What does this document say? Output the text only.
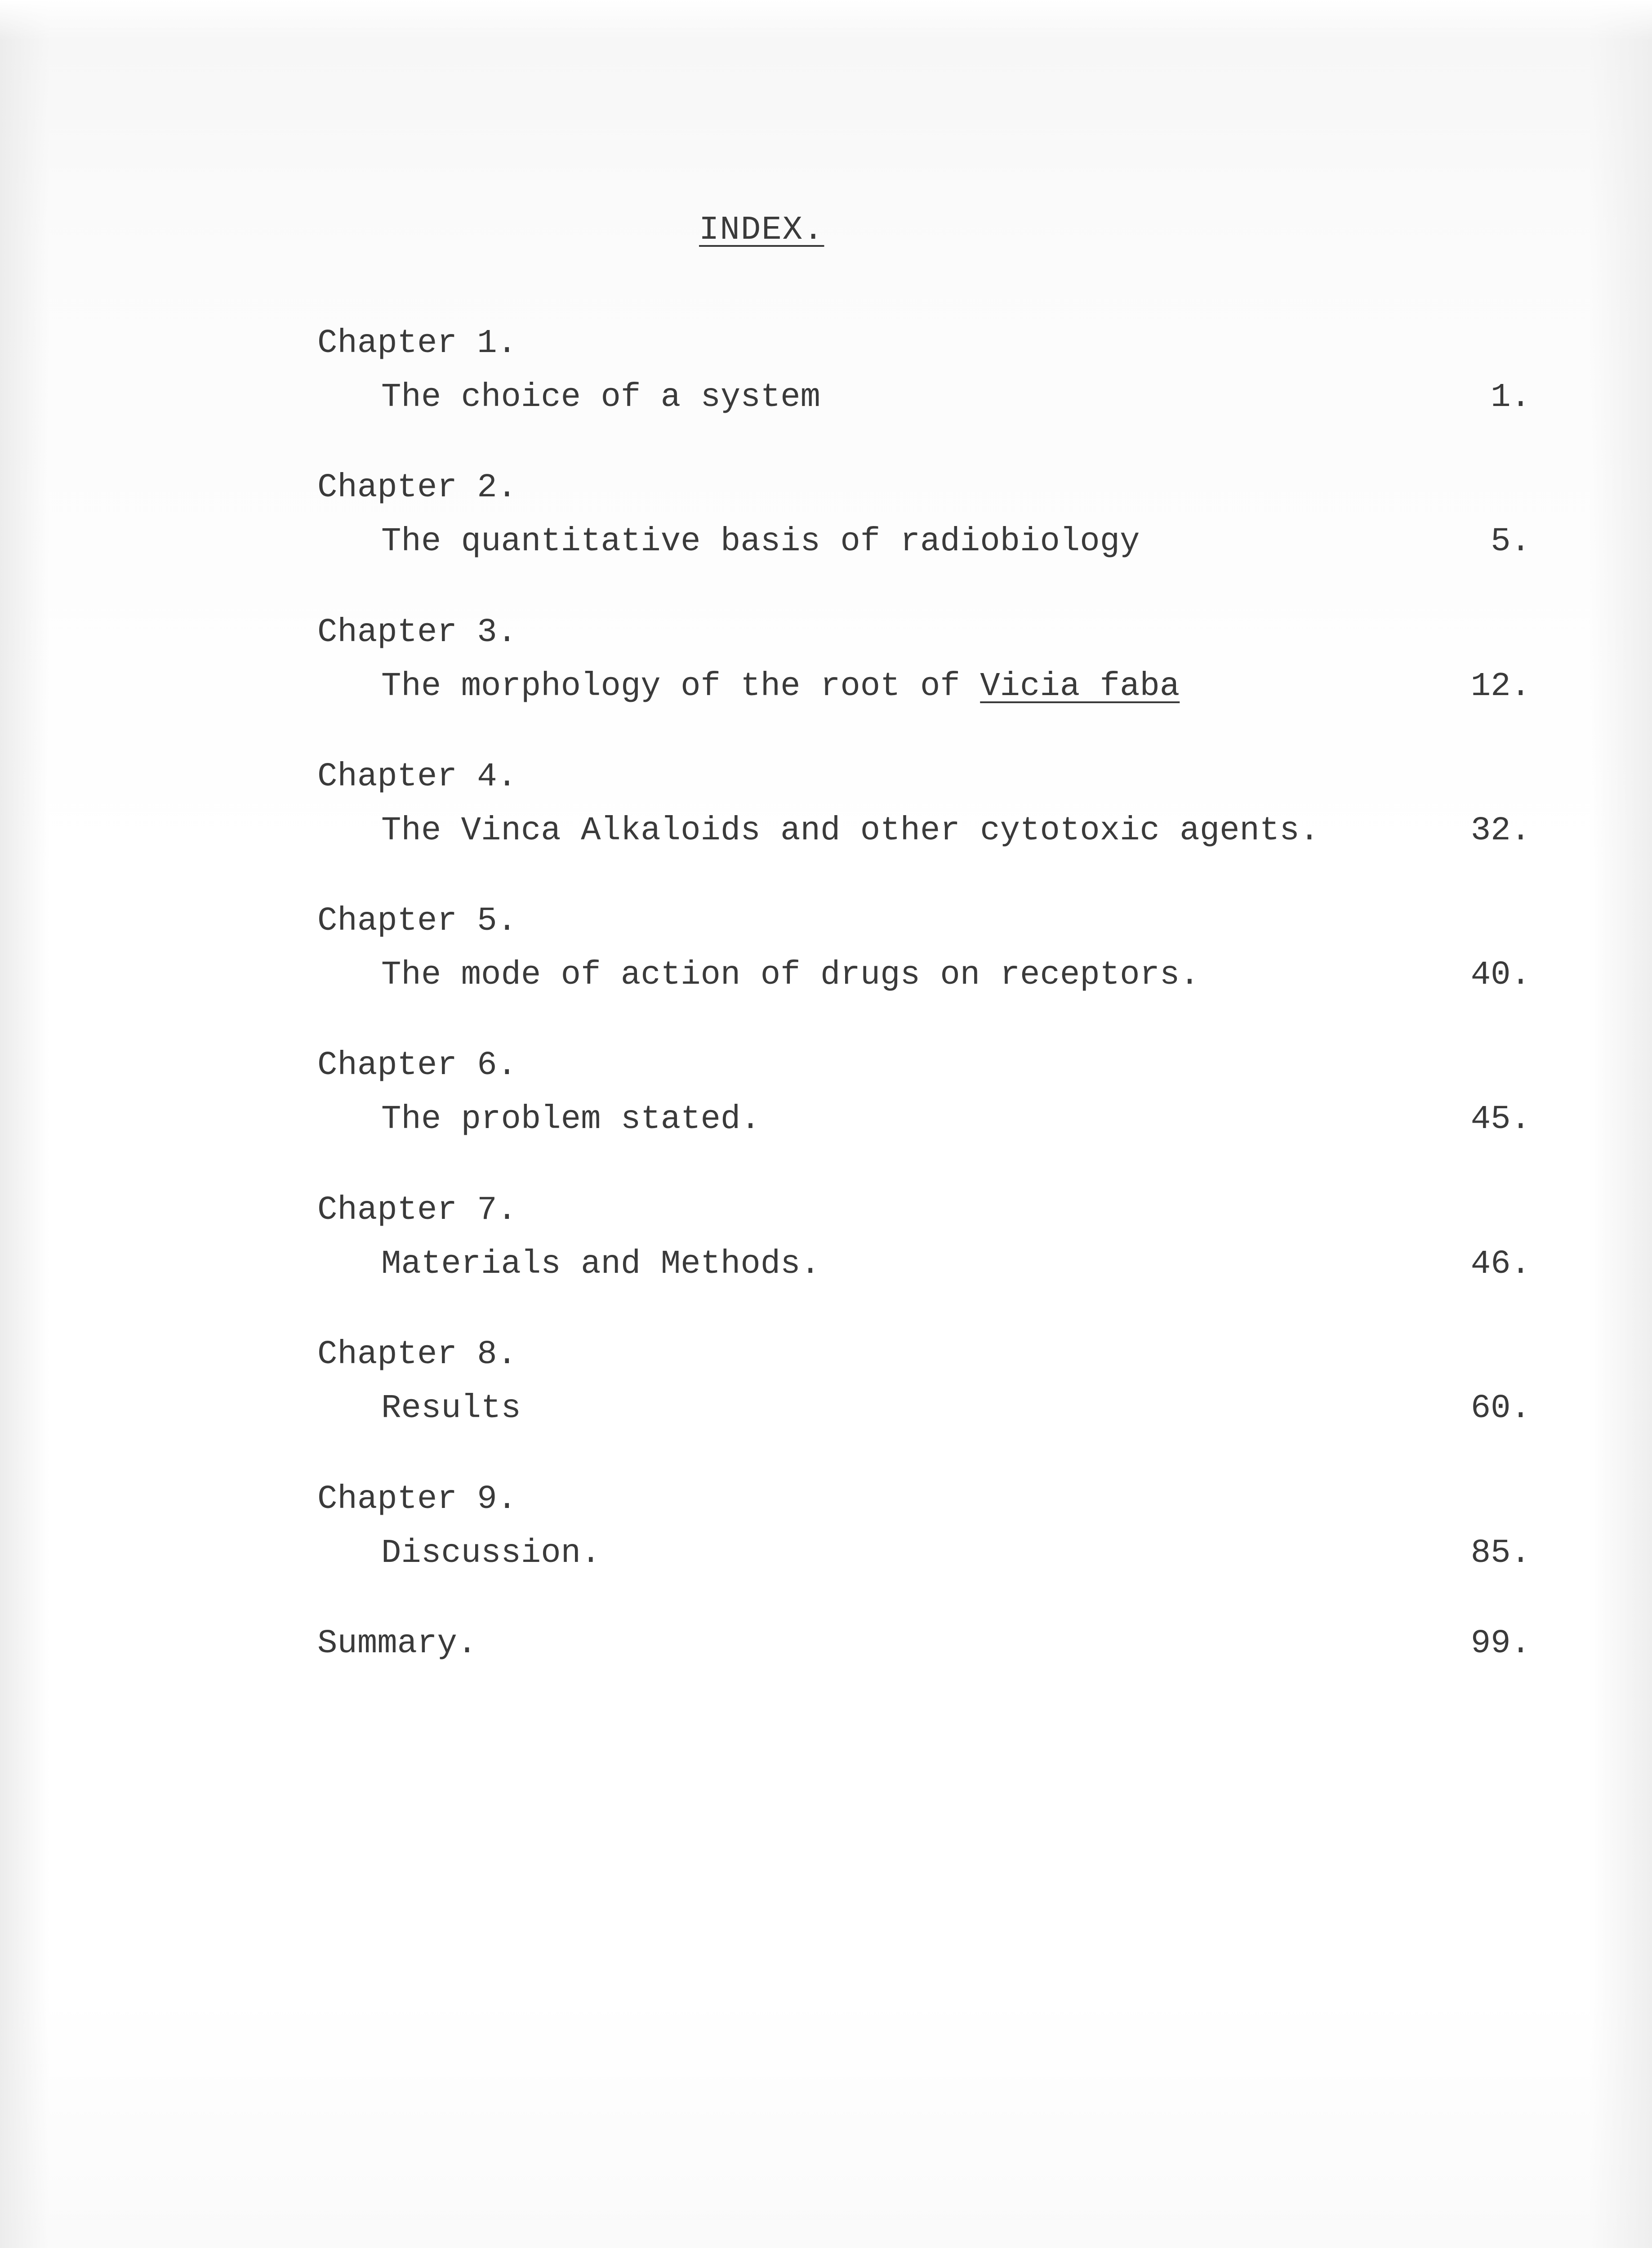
INDEX.
Chapter 1.
The choice of a system	1.
Chapter 2.
The quantitative basis of radiobiology	5.
Chapter 3.
The morphology of the root of Vicia faba	12.
Chapter 4.
The Vinca Alkaloids and other cytotoxic agents.	32.
Chapter 5.
The mode of action of drugs on receptors.	40.
Chapter 6.
The problem stated.	45.
Chapter 7.
Materials and Methods.	46.
Chapter 8.
Results	60.
Chapter 9.
Discussion.	85.
Summary.	99.
